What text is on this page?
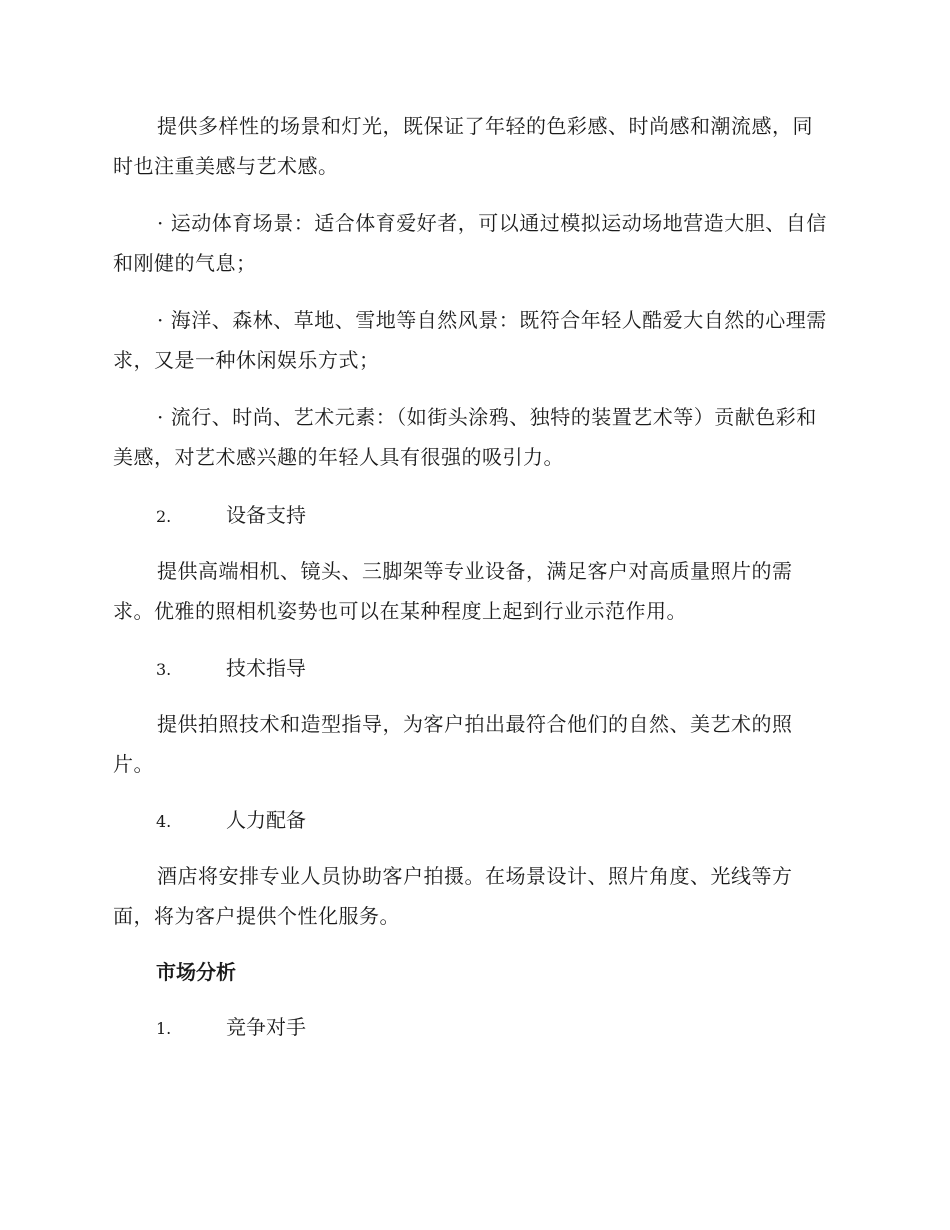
提供多样性的场景和灯光，既保证了年轻的色彩感、时尚感和潮流感，同时也注重美感与艺术感。

· 运动体育场景：适合体育爱好者，可以通过模拟运动场地营造大胆、自信和刚健的气息；

· 海洋、森林、草地、雪地等自然风景：既符合年轻人酷爱大自然的心理需求，又是一种休闲娱乐方式；

· 流行、时尚、艺术元素：（如街头涂鸦、独特的装置艺术等）贡献色彩和美感，对艺术感兴趣的年轻人具有很强的吸引力。

2.	设备支持

提供高端相机、镜头、三脚架等专业设备，满足客户对高质量照片的需求。优雅的照相机姿势也可以在某种程度上起到行业示范作用。

3.	技术指导

提供拍照技术和造型指导，为客户拍出最符合他们的自然、美艺术的照片。

4.	人力配备

酒店将安排专业人员协助客户拍摄。在场景设计、照片角度、光线等方面，将为客户提供个性化服务。

市场分析

1.	竞争对手
